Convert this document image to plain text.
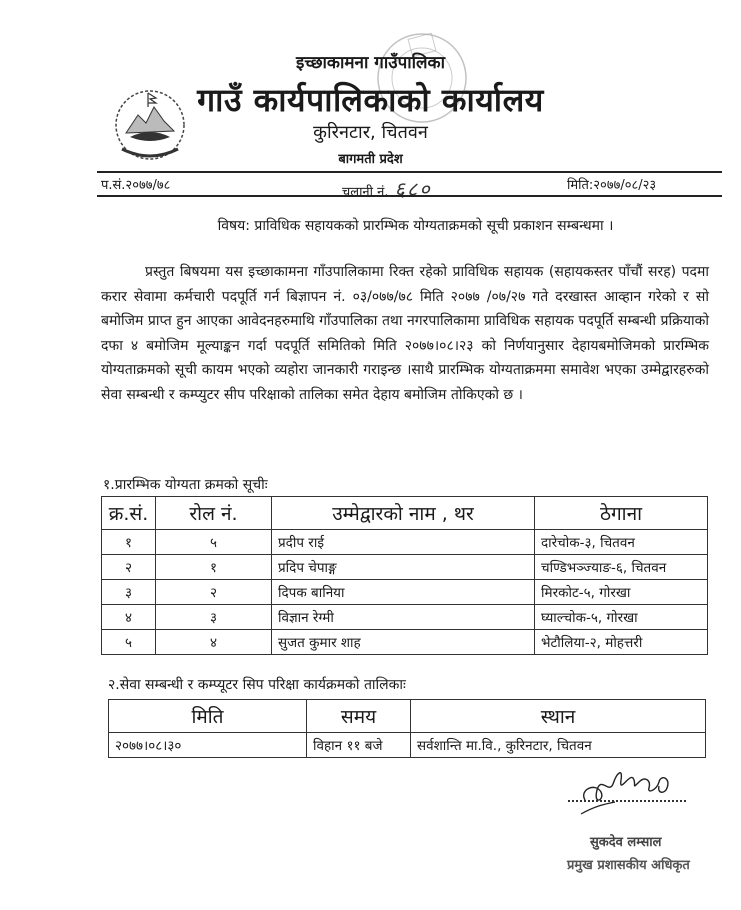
इच्छाकामना गाउँपालिका
गाउँ कार्यपालिकाको कार्यालय
कुरिनटार, चितवन
बागमती प्रदेश
प.सं.२०७७/७८	चलानी नं. ६८०	मिति:२०७७/०८/२३
विषय: प्राविधिक सहायकको प्रारम्भिक योग्यताक्रमको सूची प्रकाशन सम्बन्धमा ।
प्रस्तुत बिषयमा यस इच्छाकामना गाँउपालिकामा रिक्त रहेको प्राविधिक सहायक (सहायकस्तर पाँचौं सरह) पदमा करार सेवामा कर्मचारी पदपूर्ति गर्न बिज्ञापन नं. ०३/०७७/७८ मिति २०७७ /०७/२७ गते दरखास्त आव्हान गरेको र सो बमोजिम प्राप्त हुन आएका आवेदनहरुमाथि गाँउपालिका तथा नगरपालिकामा प्राविधिक सहायक पदपूर्ति सम्बन्धी प्रक्रियाको दफा ४ बमोजिम मूल्याङ्कन गर्दा पदपूर्ति समितिको मिति २०७७।०८।२३ को निर्णयानुसार देहायबमोजिमको प्रारम्भिक योग्यताक्रमको सूची कायम भएको व्यहोरा जानकारी गराइन्छ ।साथै प्रारम्भिक योग्यताक्रममा समावेश भएका उम्मेद्वारहरुको सेवा सम्बन्धी र कम्प्युटर सीप परिक्षाको तालिका समेत देहाय बमोजिम तोकिएको छ ।
१.प्रारम्भिक योग्यता क्रमको सूचीः
क्र.सं.	रोल नं.	उम्मेद्वारको नाम , थर	ठेगाना
१	५	प्रदीप राई	दारेचोक-३, चितवन
२	१	प्रदिप चेपाङ्ग	चण्डिभञ्ज्याङ-६, चितवन
३	२	दिपक बानिया	मिरकोट-५, गोरखा
४	३	विज्ञान रेग्मी	घ्याल्चोक-५, गोरखा
५	४	सुजत कुमार शाह	भेटौलिया-२, मोहत्तरी
२.सेवा सम्बन्धी र कम्प्यूटर सिप परिक्षा कार्यक्रमको तालिकाः
मिति	समय	स्थान
२०७७।०८।३०	विहान ११ बजे	सर्वशान्ति मा.वि., कुरिनटार, चितवन
सुकदेव लम्साल
प्रमुख प्रशासकीय अधिकृत
